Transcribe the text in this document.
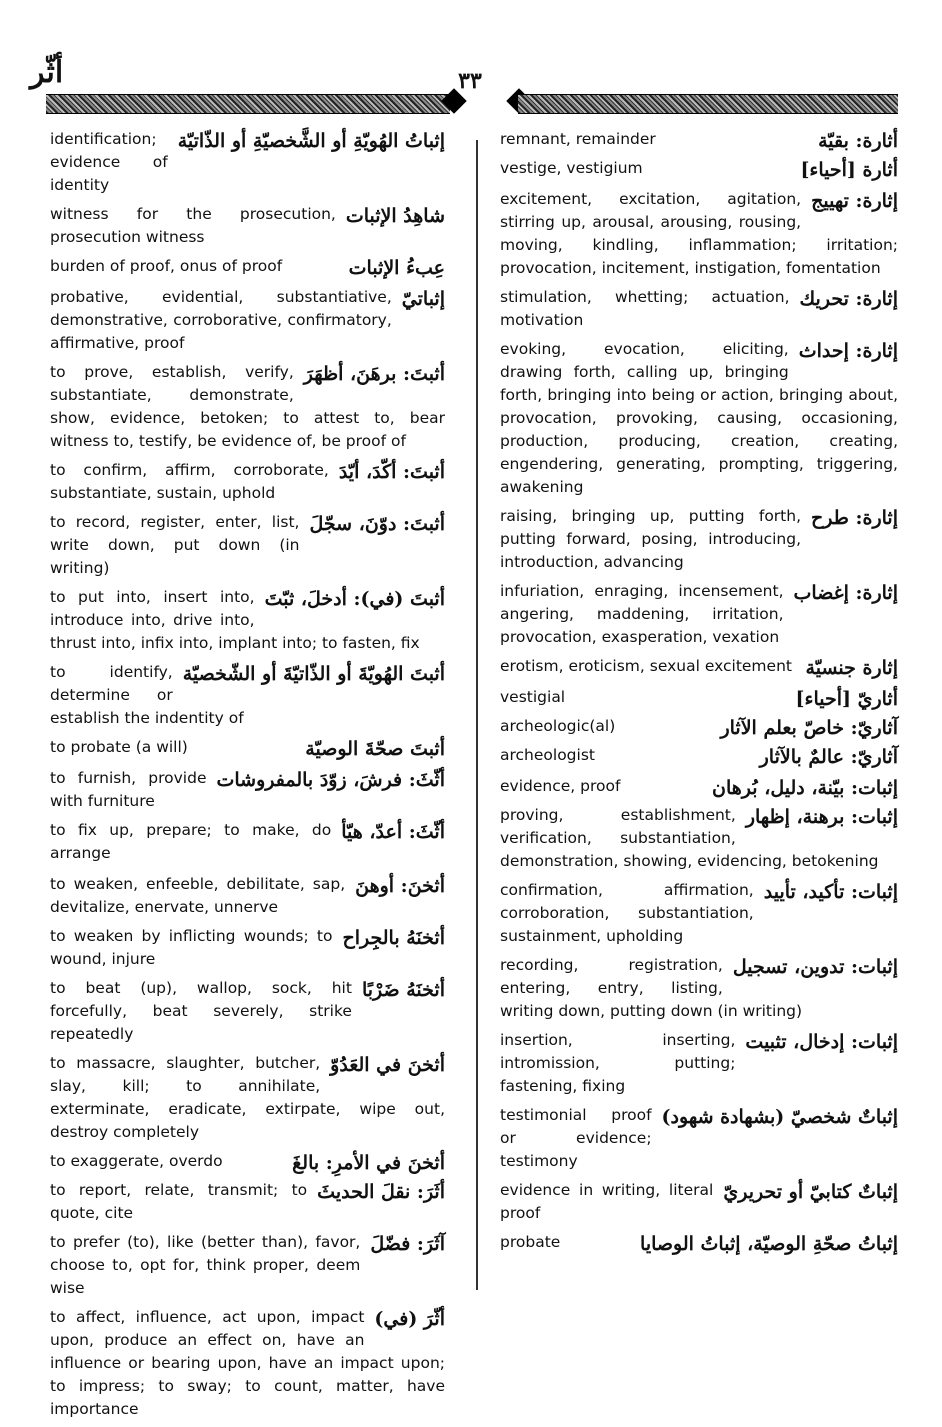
أثّر	٣٣
إثباتُ الهُويّةِ أو الشَّخصيّةِ أو الذّاتيّة
identification; evidence of identity
شاهِدُ الإثبات
witness for the prosecution, prosecution witness
عِبءُ الإثبات
burden of proof, onus of proof
إثباتيّ
probative, evidential, substantiative, demonstrative, corroborative, confirmatory, affirmative, proof
أثبتَ: برهَنَ، أظهَرَ
to prove, establish, verify, substantiate, demonstrate, show, evidence, betoken; to attest to, bear witness to, testify, be evidence of, be proof of
أثبتَ: أكّدَ، أيّدَ
to confirm, affirm, corroborate, substantiate, sustain, uphold
أثبتَ: دوّنَ، سجّلَ
to record, register, enter, list, write down, put down (in writing)
أثبتَ (في): أدخلَ، ثبّتَ
to put into, insert into, introduce into, drive into, thrust into, infix into, implant into; to fasten, fix
أثبتَ الهُويّةَ أو الذّاتيّةَ أو الشّخصيّة
to identify, determine or establish the indentity of
أثبتَ صحّةَ الوصيّة
to probate (a will)
أثّثَ: فرشَ، زوّدَ بالمفروشات
to furnish, provide with furniture
أثّثَ: أعدّ، هيّأ
to fix up, prepare; to make, do arrange
أثخنَ: أوهنَ
to weaken, enfeeble, debilitate, sap, devitalize, enervate, unnerve
أثخنَهُ بالجِراح
to weaken by inflicting wounds; to wound, injure
أثخنَهُ ضَرْبًا
to beat (up), wallop, sock, hit forcefully, beat severely, strike repeatedly
أثخنَ في العَدُوّ
to massacre, slaughter, butcher, slay, kill; to annihilate, exterminate, eradicate, extirpate, wipe out, destroy completely
أثخنَ في الأمرِ: بالغَ
to exaggerate, overdo
أثَرَ: نقلَ الحديثَ
to report, relate, transmit; to quote, cite
آثَرَ: فضّلَ
to prefer (to), like (better than), favor, choose to, opt for, think proper, deem wise
أثّرَ (في)
to affect, influence, act upon, impact upon, produce an effect on, have an influence or bearing upon, have an impact upon; to impress; to sway; to count, matter, have importance
أثارة: بقيّة
remnant, remainder
أثارة [أحياء]
vestige, vestigium
إثارة: تهييج
excitement, excitation, agitation, stirring up, arousal, arousing, rousing, moving, kindling, inflammation; irritation; provocation, incitement, instigation, fomentation
إثارة: تحريك
stimulation, whetting; actuation, motivation
إثارة: إحداث
evoking, evocation, eliciting, drawing forth, calling up, bringing forth, bringing into being or action, bringing about, provocation, provoking, causing, occasioning, production, producing, creation, creating, engendering, generating, prompting, triggering, awakening
إثارة: طرح
raising, bringing up, putting forth, putting forward, posing, introducing, introduction, advancing
إثارة: إغضاب
infuriation, enraging, incensement, angering, maddening, irritation, provocation, exasperation, vexation
إثارة جنسيّة
erotism, eroticism, sexual excitement
أثاريّ [أحياء]
vestigial
آثاريّ: خاصّ بعلم الآثار
archeologic(al)
آثاريّ: عالمٌ بالآثار
archeologist
إثبات: بيّنة، دليل، بُرهان
evidence, proof
إثبات: برهنة، إظهار
proving, establishment, verification, substantiation, demonstration, showing, evidencing, betokening
إثبات: تأكيد، تأييد
confirmation, affirmation, corroboration, substantiation, sustainment, upholding
إثبات: تدوين، تسجيل
recording, registration, entering, entry, listing, writing down, putting down (in writing)
إثبات: إدخال، تثبيت
insertion, inserting, intromission, putting; fastening, fixing
إثباتٌ شخصيّ (بشهادة شهود)
testimonial proof or evidence; testimony
إثباتٌ كتابيّ أو تحريريّ
evidence in writing, literal proof
إثباتُ صحّةِ الوصيّة، إثباتُ الوصايا
probate
